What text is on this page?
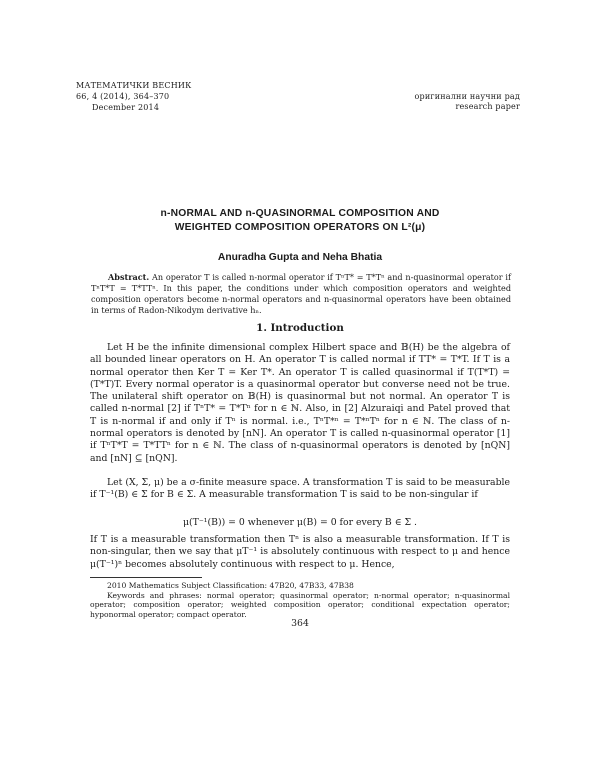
МАТЕМАТИЧКИ ВЕСНИК
66, 4 (2014), 364–370
December 2014
оригинални научни рад
research paper
n-NORMAL AND n-QUASINORMAL COMPOSITION AND
WEIGHTED COMPOSITION OPERATORS ON L²(μ)
Anuradha Gupta and Neha Bhatia
Abstract. An operator T is called n-normal operator if TⁿT* = T*Tⁿ and n-quasinormal operator if TⁿT*T = T*TTⁿ. In this paper, the conditions under which composition operators and weighted composition operators become n-normal operators and n-quasinormal operators have been obtained in terms of Radon-Nikodym derivative hₙ.
1. Introduction

Let H be the infinite dimensional complex Hilbert space and 𝔹(H) be the algebra of all bounded linear operators on H. An operator T is called normal if TT* = T*T. If T is a normal operator then Ker T = Ker T*. An operator T is called quasinormal if T(T*T) = (T*T)T. Every normal operator is a quasinormal operator but converse need not be true. The unilateral shift operator on 𝔹(H) is quasinormal but not normal. An operator T is called n-normal [2] if TⁿT* = T*Tⁿ for n ∈ ℕ. Also, in [2] Alzuraiqi and Patel proved that T is n-normal if and only if Tⁿ is normal. i.e., TⁿT*ⁿ = T*ⁿTⁿ for n ∈ ℕ. The class of n-normal operators is denoted by [nN]. An operator T is called n-quasinormal operator [1] if TⁿT*T = T*TTⁿ for n ∈ ℕ. The class of n-quasinormal operators is denoted by [nQN] and [nN] ⊆ [nQN].

Let (X, Σ, μ) be a σ-finite measure space. A transformation T is said to be measurable if T⁻¹(B) ∈ Σ for B ∈ Σ. A measurable transformation T is said to be non-singular if

μ(T⁻¹(B)) = 0 whenever μ(B) = 0 for every B ∈ Σ .

If T is a measurable transformation then Tⁿ is also a measurable transformation. If T is non-singular, then we say that μT⁻¹ is absolutely continuous with respect to μ and hence μ(T⁻¹)ⁿ becomes absolutely continuous with respect to μ. Hence,

2010 Mathematics Subject Classification: 47B20, 47B33, 47B38

Keywords and phrases: normal operator; quasinormal operator; n-normal operator; n-quasinormal operator; composition operator; weighted composition operator; conditional expectation operator; hyponormal operator; compact operator.

364
